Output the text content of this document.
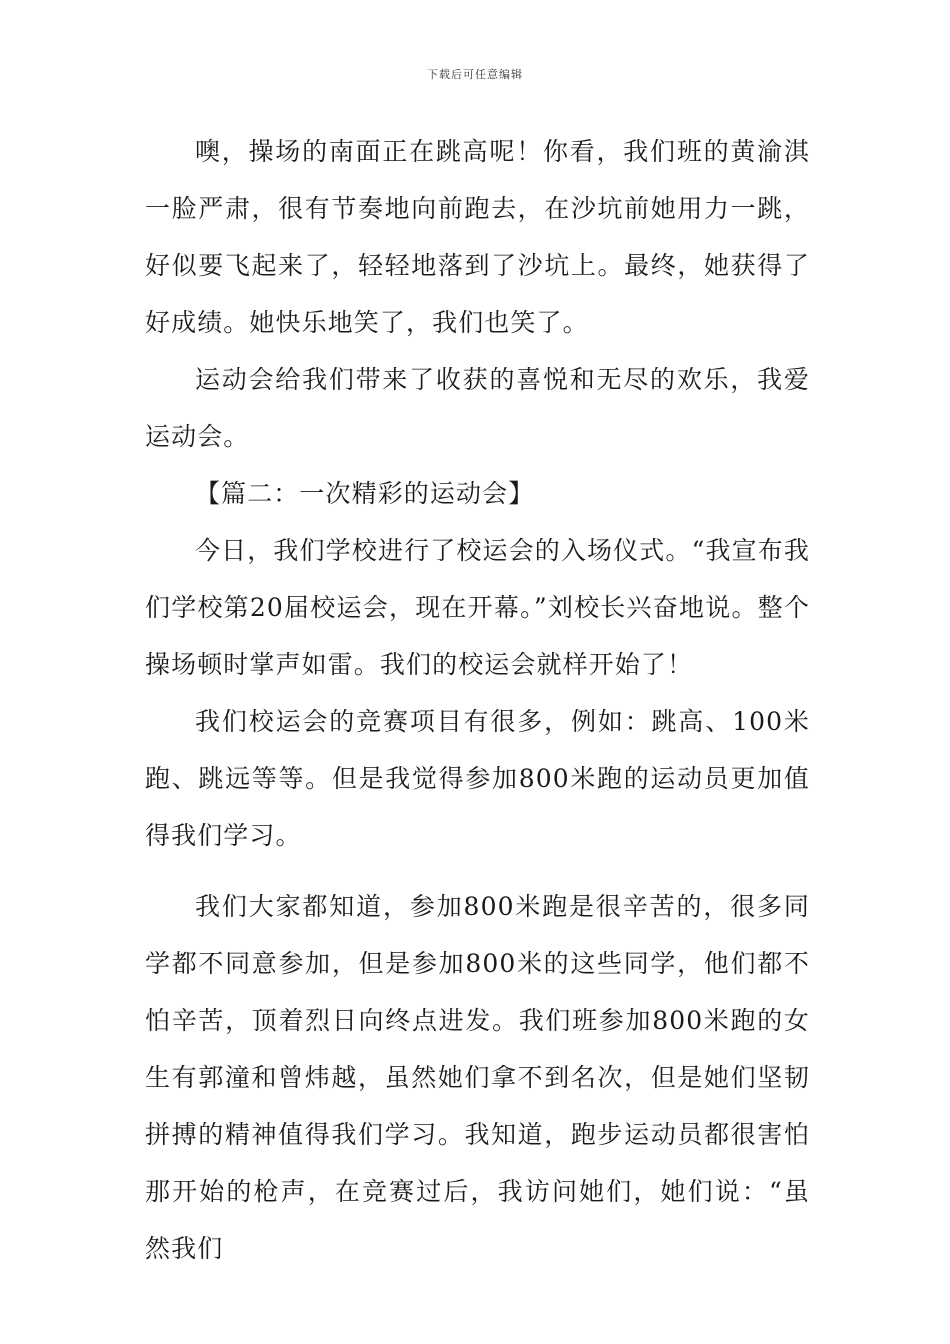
下载后可任意编辑

噢，操场的南面正在跳高呢！你看，我们班的黄渝淇一脸严肃，很有节奏地向前跑去，在沙坑前她用力一跳，好似要飞起来了，轻轻地落到了沙坑上。最终，她获得了好成绩。她快乐地笑了，我们也笑了。

运动会给我们带来了收获的喜悦和无尽的欢乐，我爱运动会。

【篇二：一次精彩的运动会】

今日，我们学校进行了校运会的入场仪式。“我宣布我们学校第20届校运会，现在开幕。”刘校长兴奋地说。整个操场顿时掌声如雷。我们的校运会就样开始了！

我们校运会的竞赛项目有很多，例如：跳高、100米跑、跳远等等。但是我觉得参加800米跑的运动员更加值得我们学习。

我们大家都知道，参加800米跑是很辛苦的，很多同学都不同意参加，但是参加800米的这些同学，他们都不怕辛苦，顶着烈日向终点进发。我们班参加800米跑的女生有郭潼和曾炜越，虽然她们拿不到名次，但是她们坚韧拼搏的精神值得我们学习。我知道，跑步运动员都很害怕那开始的枪声，在竞赛过后，我访问她们，她们说：“虽然我们
